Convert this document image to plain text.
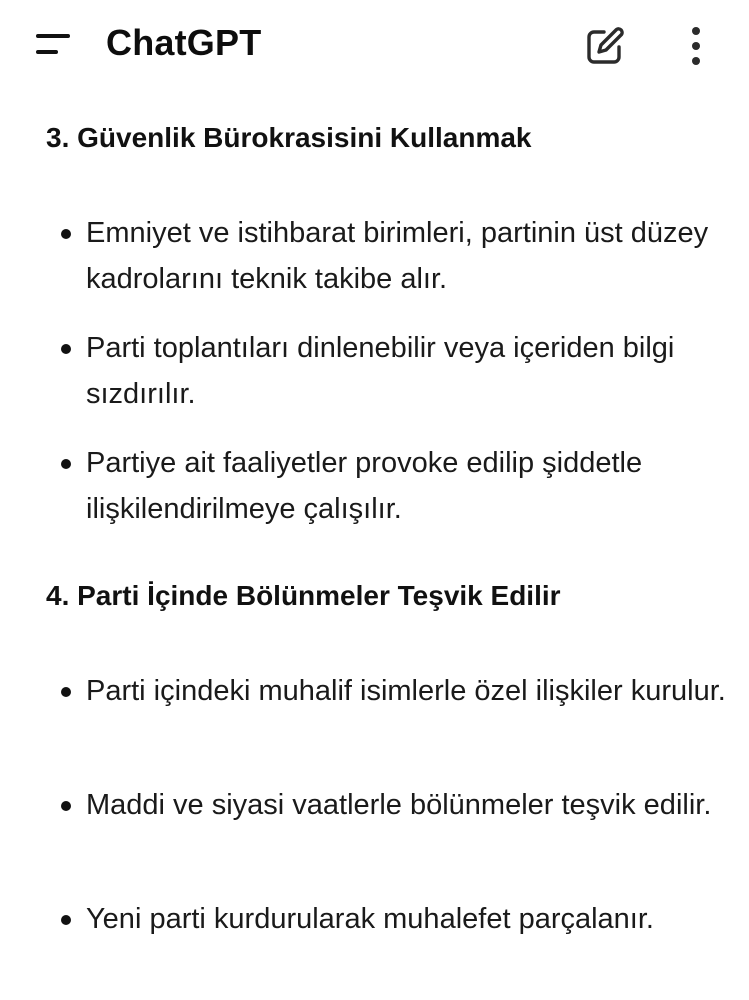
ChatGPT
3. Güvenlik Bürokrasisini Kullanmak
Emniyet ve istihbarat birimleri, partinin üst düzey kadrolarını teknik takibe alır.
Parti toplantıları dinlenebilir veya içeriden bilgi sızdırılır.
Partiye ait faaliyetler provoke edilip şiddetle ilişkilendirilmeye çalışılır.
4. Parti İçinde Bölünmeler Teşvik Edilir
Parti içindeki muhalif isimlerle özel ilişkiler kurulur.
Maddi ve siyasi vaatlerle bölünmeler teşvik edilir.
Yeni parti kurdurularak muhalefet parçalanır.
